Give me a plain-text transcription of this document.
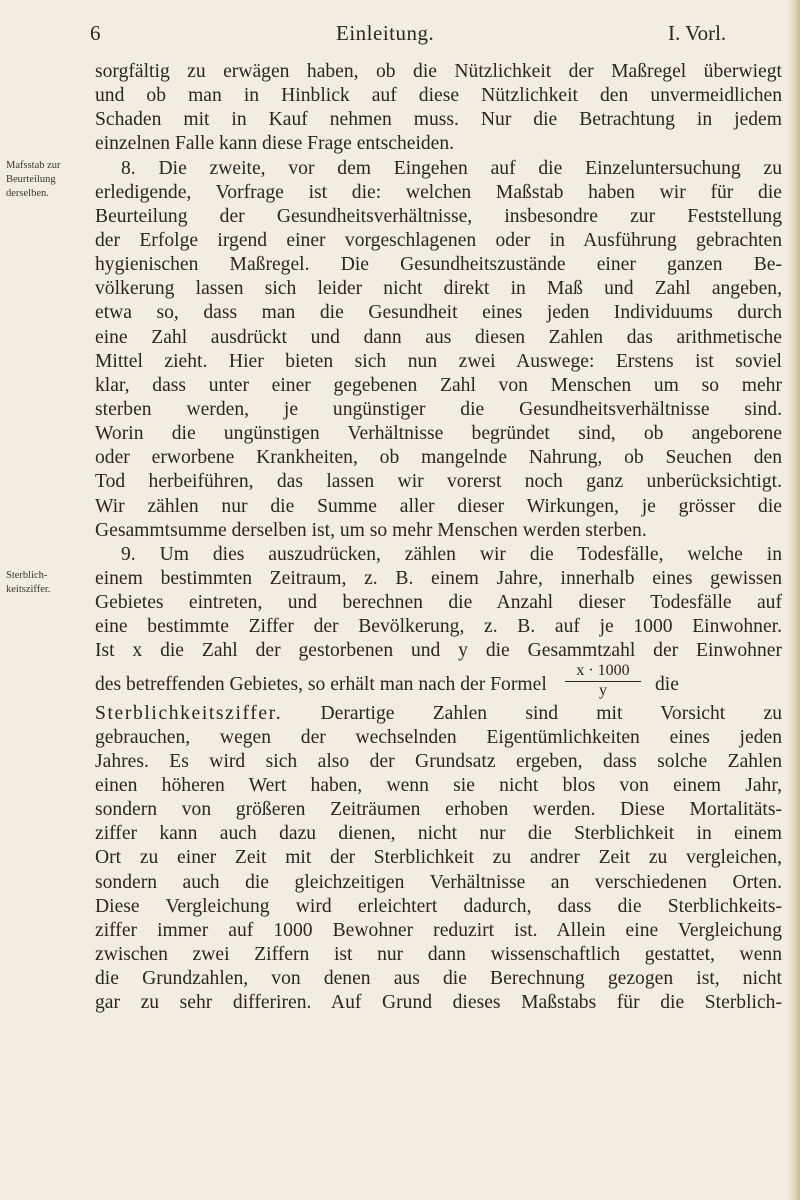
6	Einleitung.	I. Vorl.
Mafsstab zur
Beurteilung
derselben.
Sterblich-
keitsziffer.
sorgfältig zu erwägen haben, ob die Nützlichkeit der Maßregel überwiegt
und ob man in Hinblick auf diese Nützlichkeit den unvermeidlichen
Schaden mit in Kauf nehmen muss. Nur die Betrachtung in jedem
einzelnen Falle kann diese Frage entscheiden.
8. Die zweite, vor dem Eingehen auf die Einzeluntersuchung zu
erledigende, Vorfrage ist die: welchen Maßstab haben wir für die
Beurteilung der Gesundheitsverhältnisse, insbesondre zur Feststellung
der Erfolge irgend einer vorgeschlagenen oder in Ausführung gebrachten
hygienischen Maßregel. Die Gesundheitszustände einer ganzen Be-
völkerung lassen sich leider nicht direkt in Maß und Zahl angeben,
etwa so, dass man die Gesundheit eines jeden Individuums durch
eine Zahl ausdrückt und dann aus diesen Zahlen das arithmetische
Mittel zieht. Hier bieten sich nun zwei Auswege: Erstens ist soviel
klar, dass unter einer gegebenen Zahl von Menschen um so mehr
sterben werden, je ungünstiger die Gesundheitsverhältnisse sind.
Worin die ungünstigen Verhältnisse begründet sind, ob angeborene
oder erworbene Krankheiten, ob mangelnde Nahrung, ob Seuchen den
Tod herbeiführen, das lassen wir vorerst noch ganz unberücksichtigt.
Wir zählen nur die Summe aller dieser Wirkungen, je grösser die
Gesammtsumme derselben ist, um so mehr Menschen werden sterben.
9. Um dies auszudrücken, zählen wir die Todesfälle, welche in
einem bestimmten Zeitraum, z. B. einem Jahre, innerhalb eines gewissen
Gebietes eintreten, und berechnen die Anzahl dieser Todesfälle auf
eine bestimmte Ziffer der Bevölkerung, z. B. auf je 1000 Einwohner.
Ist x die Zahl der gestorbenen und y die Gesammtzahl der Einwohner
des betreffenden Gebietes, so erhält man nach der Formel $\frac{x \cdot 1000}{y}$ die
Sterblichkeitsziffer. Derartige Zahlen sind mit Vorsicht zu
gebrauchen, wegen der wechselnden Eigentümlichkeiten eines jeden
Jahres. Es wird sich also der Grundsatz ergeben, dass solche Zahlen
einen höheren Wert haben, wenn sie nicht blos von einem Jahr,
sondern von größeren Zeiträumen erhoben werden. Diese Mortalitäts-
ziffer kann auch dazu dienen, nicht nur die Sterblichkeit in einem
Ort zu einer Zeit mit der Sterblichkeit zu andrer Zeit zu vergleichen,
sondern auch die gleichzeitigen Verhältnisse an verschiedenen Orten.
Diese Vergleichung wird erleichtert dadurch, dass die Sterblichkeits-
ziffer immer auf 1000 Bewohner reduzirt ist. Allein eine Vergleichung
zwischen zwei Ziffern ist nur dann wissenschaftlich gestattet, wenn
die Grundzahlen, von denen aus die Berechnung gezogen ist, nicht
gar zu sehr differiren. Auf Grund dieses Maßstabs für die Sterblich-
